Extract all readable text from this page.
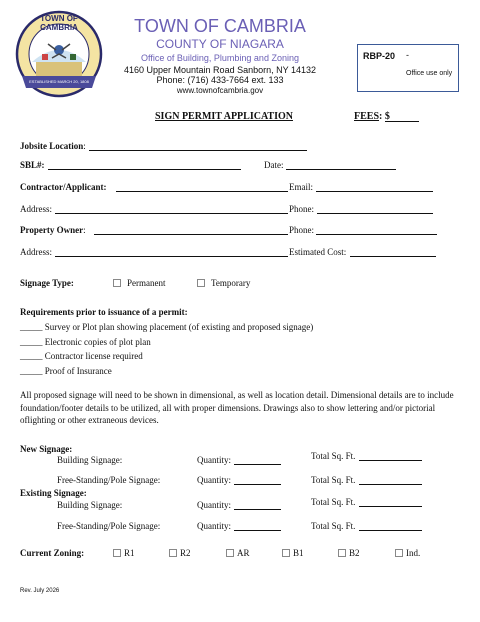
TOWN OF CAMBRIA
ESTABLISHED MARCH 20, 1808
TOWN OF CAMBRIA
COUNTY OF NIAGARA
Office of Building, Plumbing and Zoning
4160 Upper Mountain Road Sanborn, NY 14132
Phone: (716) 433-7664 ext. 133
www.townofcambria.gov
RBP-20 -
Office use only
SIGN PERMIT APPLICATION	FEES: $
Jobsite Location:
SBL#:	Date:
Contractor/Applicant:	Email:
Address:	Phone:
Property Owner:	Phone:
Address:	Estimated Cost:
Signage Type:	Permanent	Temporary
Requirements prior to issuance of a permit:
_____ Survey or Plot plan showing placement (of existing and proposed signage)
_____ Electronic copies of plot plan
_____ Contractor license required
_____ Proof of Insurance
All proposed signage will need to be shown in dimensional, as well as location detail. Dimensional details are to include foundation/footer details to be utilized, all with proper dimensions. Drawings also to show lettering and/or pictorial oflighting or other extraneous devices.
New Signage:
Building Signage:	Quantity:	Total Sq. Ft.
Free-Standing/Pole Signage:	Quantity:	Total Sq. Ft.
Existing Signage:
Building Signage:	Quantity:	Total Sq. Ft.
Free-Standing/Pole Signage:	Quantity:	Total Sq. Ft.
Current Zoning:	R1	R2	AR	B1	B2	Ind.
Rev. July 2026
